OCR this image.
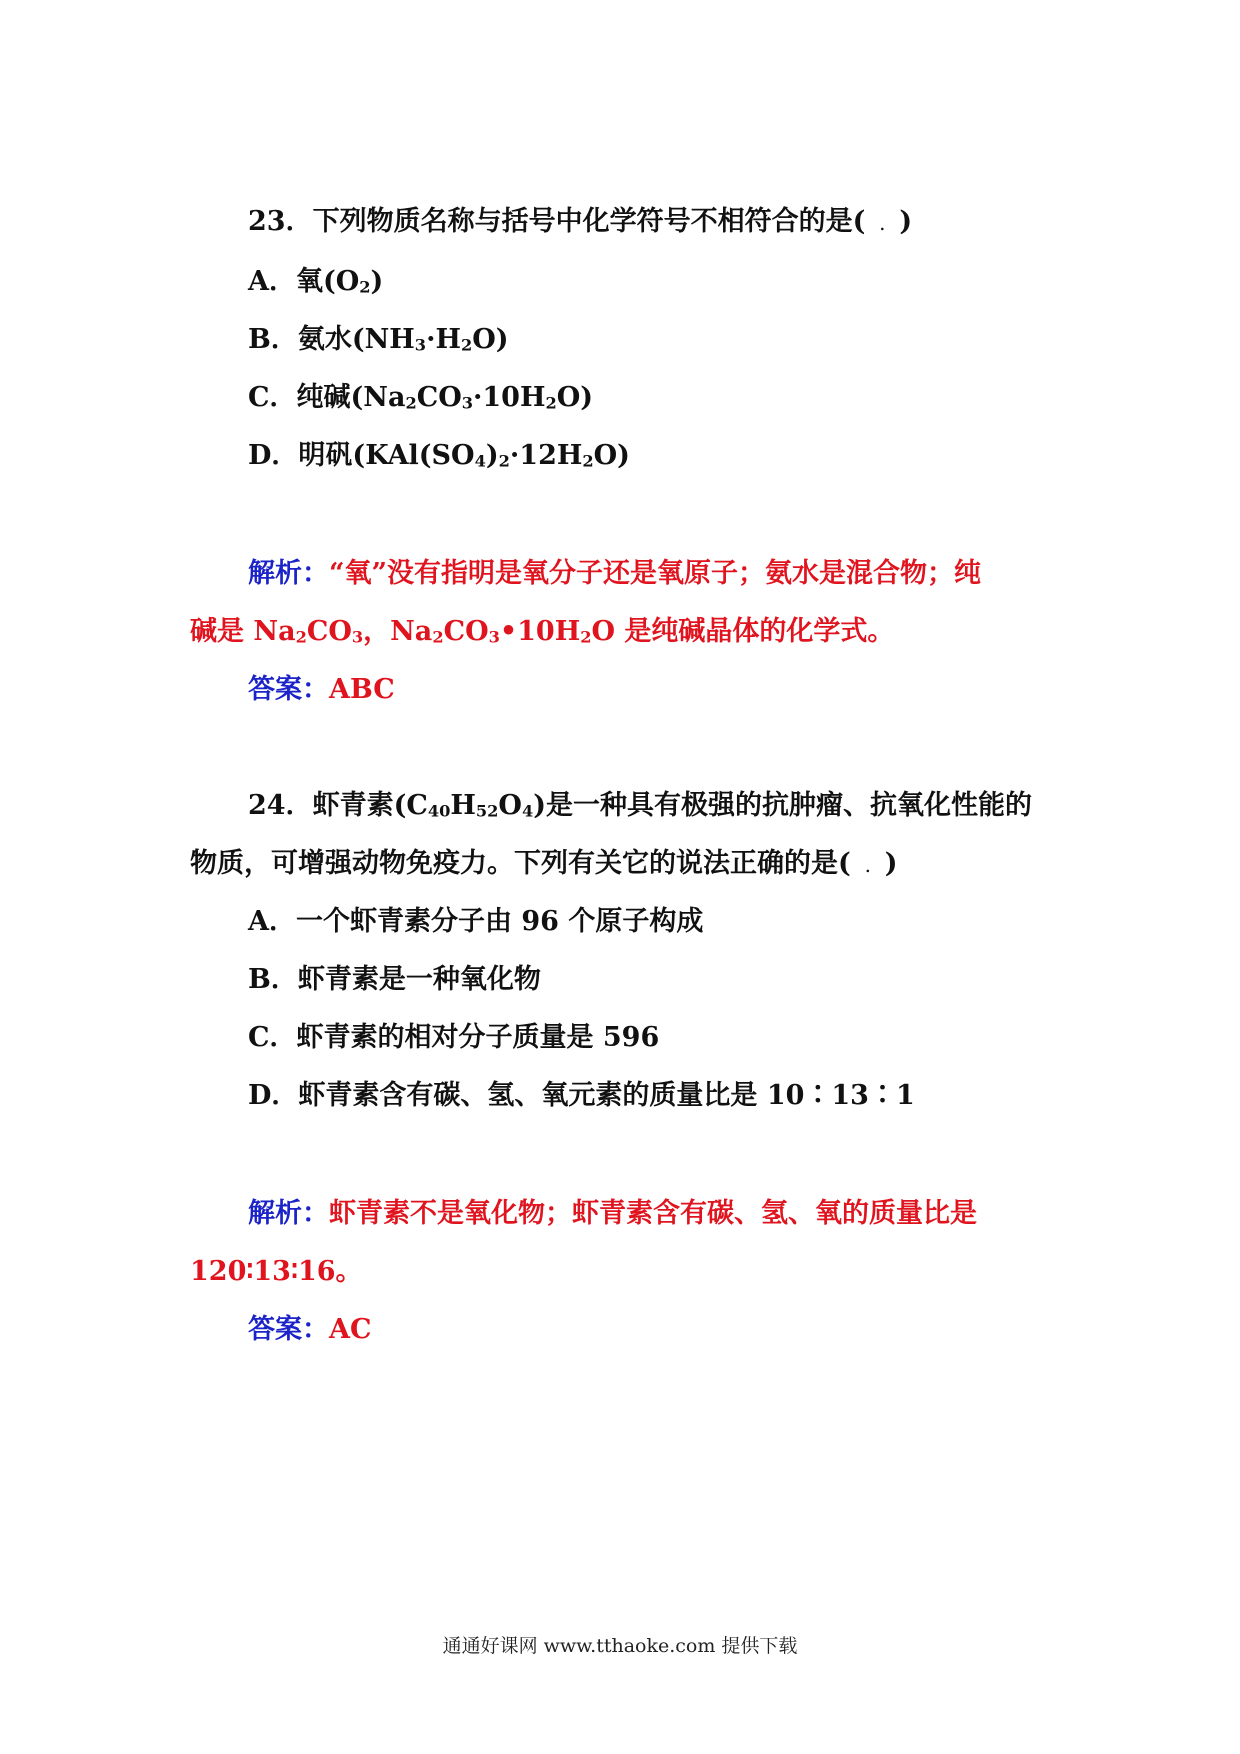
23．下列物质名称与括号中化学符号不相符合的是( . )
A．氧$(O_2)$
B．氨水$(NH_3\cdot H_2O)$
C．纯碱$(Na_2CO_3\cdot 10H_2O)$
D．明矾$(KAl(SO_4)_2\cdot 12H_2O)$
解析：“氧”没有指明是氧分子还是氧原子；氨水是混合物；纯
碱是 $Na_2CO_3$，$Na_2CO_3•10H_2O$ 是纯碱晶体的化学式。
答案：ABC
24．虾青素$(C_{40}H_{52}O_4)$是一种具有极强的抗肿瘤、抗氧化性能的
物质，可增强动物免疫力。下列有关它的说法正确的是( . )
A．一个虾青素分子由 96 个原子构成
B．虾青素是一种氧化物
C．虾青素的相对分子质量是 596
D．虾青素含有碳、氢、氧元素的质量比是 10∶13∶1
解析：虾青素不是氧化物；虾青素含有碳、氢、氧的质量比是
120∶13∶16。
答案：AC
通通好课网 www.tthaoke.com 提供下载
